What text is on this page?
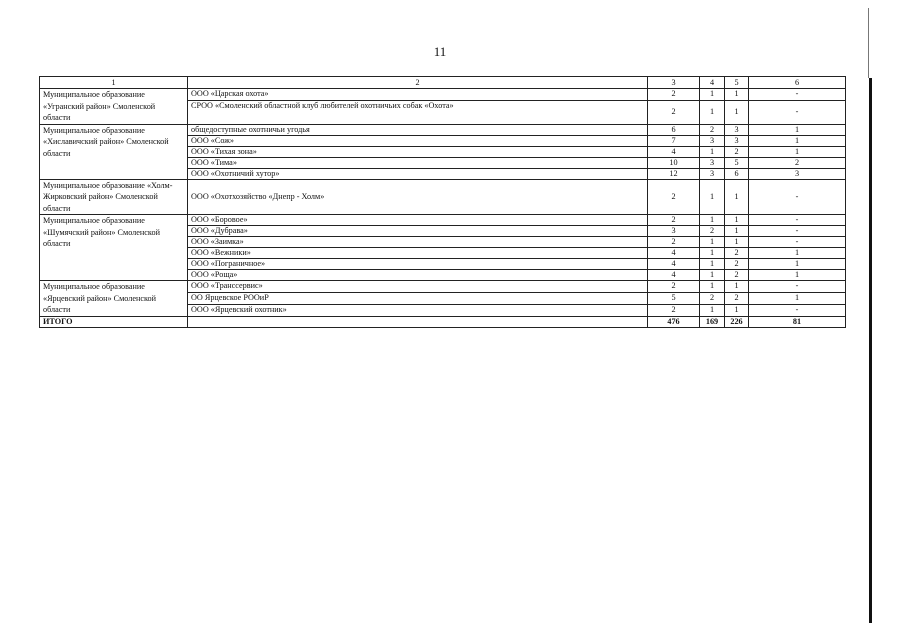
11
1	2	3	4	5	6
Муниципальное образование «Угранский район» Смоленской области	ООО «Царская охота»	2	1	1	-
	СРОО «Смоленский областной клуб любителей охотничьих собак «Охота»	2	1	1	-
Муниципальное образование «Хиславичский район» Смоленской области	общедоступные охотничьи угодья	6	2	3	1
	ООО «Сож»	7	3	3	1
	ООО «Тихая зона»	4	1	2	1
	ООО «Тима»	10	3	5	2
	ООО «Охотничий хутор»	12	3	6	3
Муниципальное образование «Холм-Жирковский район» Смоленской области	ООО «Охотхозяйство «Днепр - Холм»	2	1	1	-
Муниципальное образование «Шумячский район» Смоленской области	ООО «Боровое»	2	1	1	-
	ООО «Дубрава»	3	2	1	-
	ООО «Заимка»	2	1	1	-
	ООО «Вежники»	4	1	2	1
	ООО «Пограничное»	4	1	2	1
	ООО «Роща»	4	1	2	1
Муниципальное образование «Ярцевский район» Смоленской области	ООО «Транссервис»	2	1	1	-
	ОО Ярцевское РООиР	5	2	2	1
	ООО «Ярцевский охотник»	2	1	1	-
ИТОГО		476	169	226	81
